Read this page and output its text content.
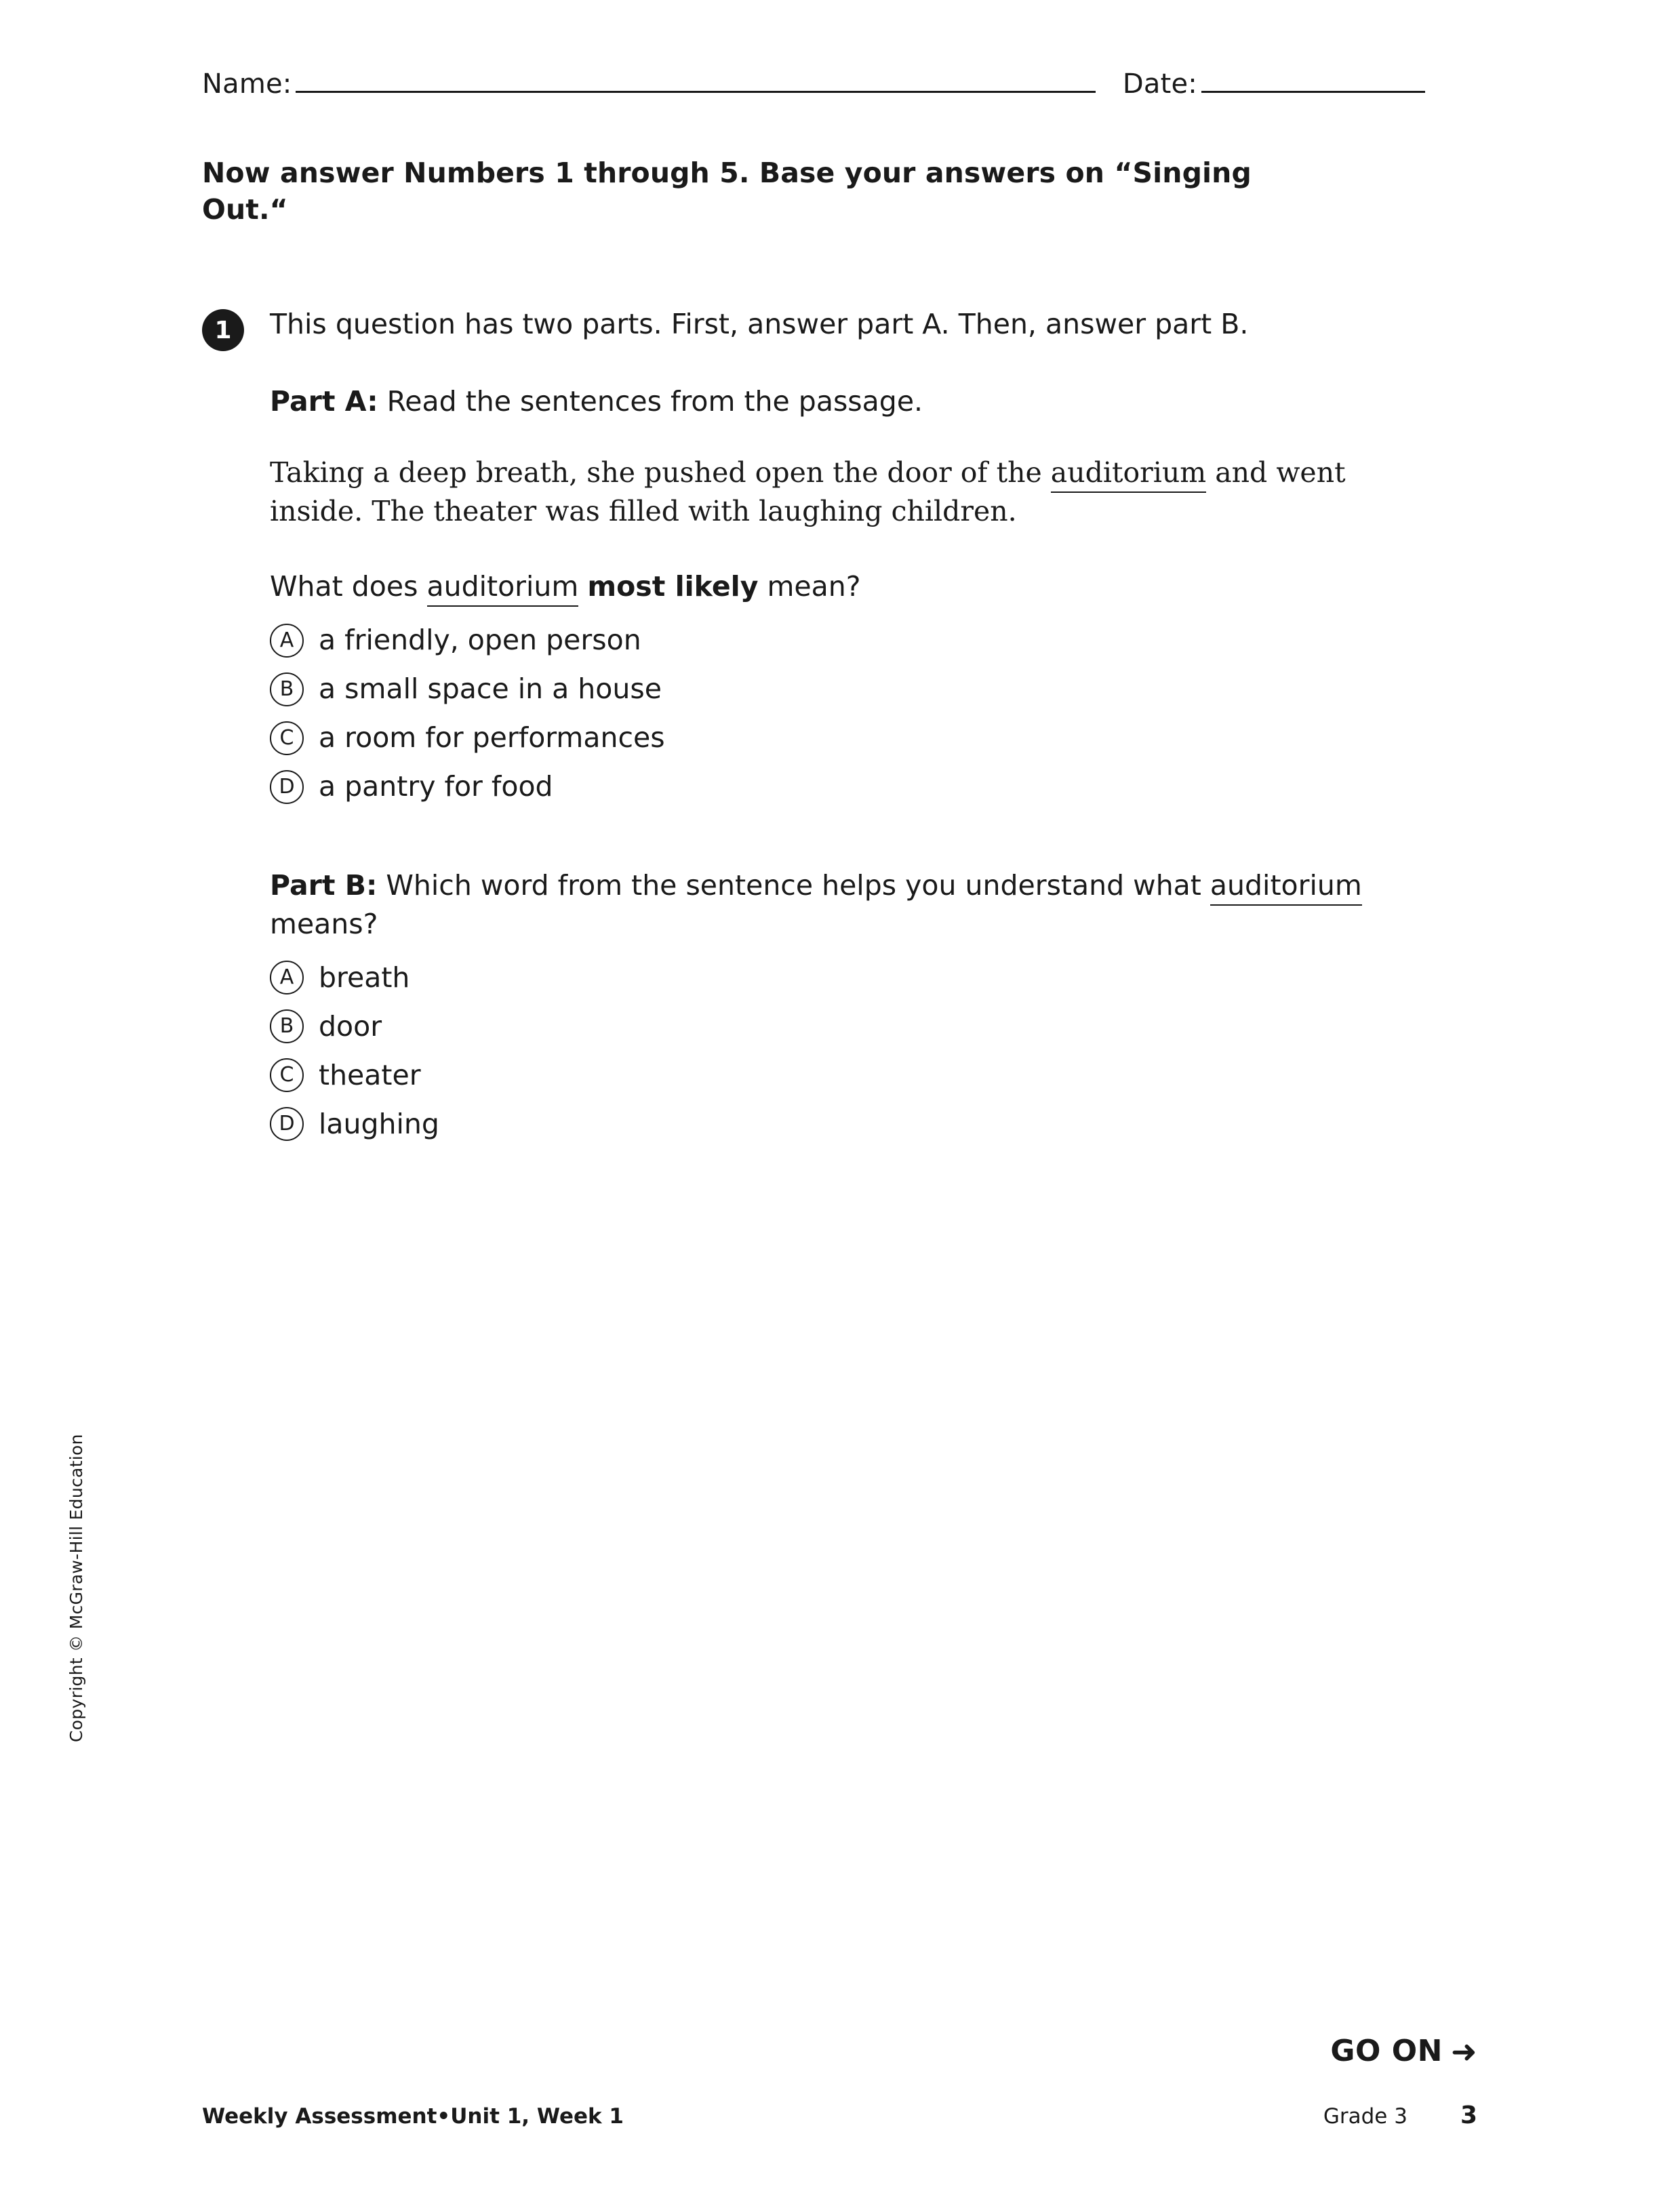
Name:	Date:
Now answer Numbers 1 through 5. Base your answers on “Singing Out.“
1	This question has two parts. First, answer part A. Then, answer part B.
Part A: Read the sentences from the passage.
Taking a deep breath, she pushed open the door of the auditorium and went inside. The theater was filled with laughing children.
What does auditorium most likely mean?
A a friendly, open person
B a small space in a house
C a room for performances
D a pantry for food
Part B: Which word from the sentence helps you understand what auditorium means?
A breath
B door
C theater
D laughing
Copyright © McGraw-Hill Education
GO ON ➜
Weekly Assessment • Unit 1, Week 1	Grade 3 3
